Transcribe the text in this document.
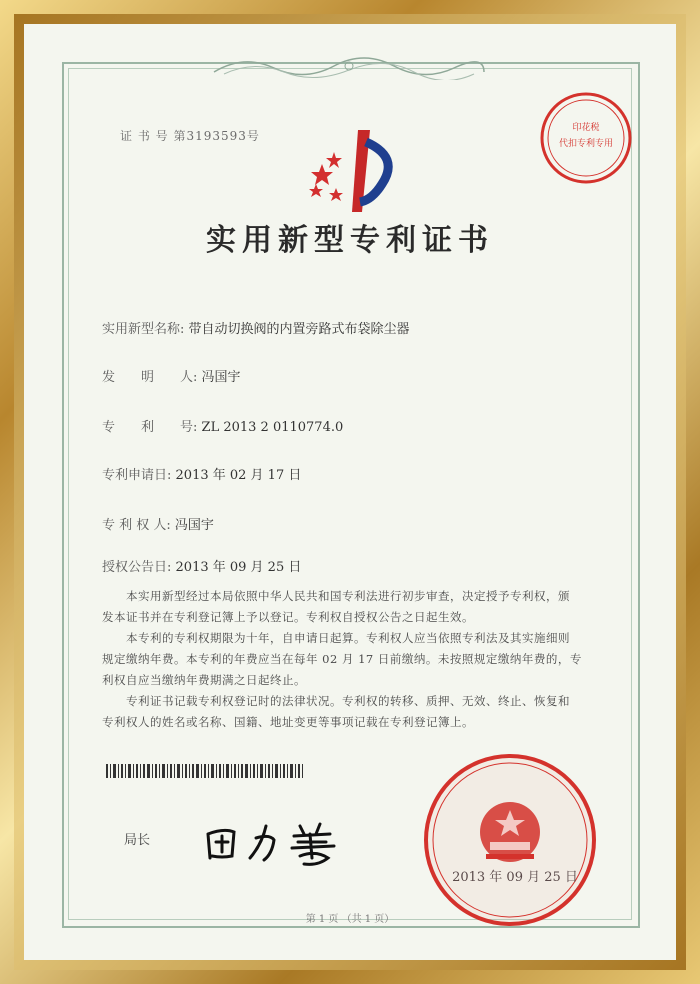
证 书 号 第3193593号
实用新型专利证书
实用新型名称: 带自动切换阀的内置旁路式布袋除尘器
发　　明　　人: 冯国宇
专　　利　　号: ZL 2013 2 0110774.0
专利申请日: 2013 年 02 月 17 日
专 利 权 人: 冯国宇
授权公告日: 2013 年 09 月 25 日
　　本实用新型经过本局依照中华人民共和国专利法进行初步审查，决定授予专利权，颁
发本证书并在专利登记簿上予以登记。专利权自授权公告之日起生效。
　　本专利的专利权期限为十年，自申请日起算。专利权人应当依照专利法及其实施细则
规定缴纳年费。本专利的年费应当在每年 02 月 17 日前缴纳。未按照规定缴纳年费的，专
利权自应当缴纳年费期满之日起终止。
　　专利证书记载专利权登记时的法律状况。专利权的转移、质押、无效、终止、恢复和
专利权人的姓名或名称、国籍、地址变更等事项记载在专利登记簿上。
局长
印花税
代扣专利专用
2013 年 09 月 25 日
第 1 页 （共 1 页）
